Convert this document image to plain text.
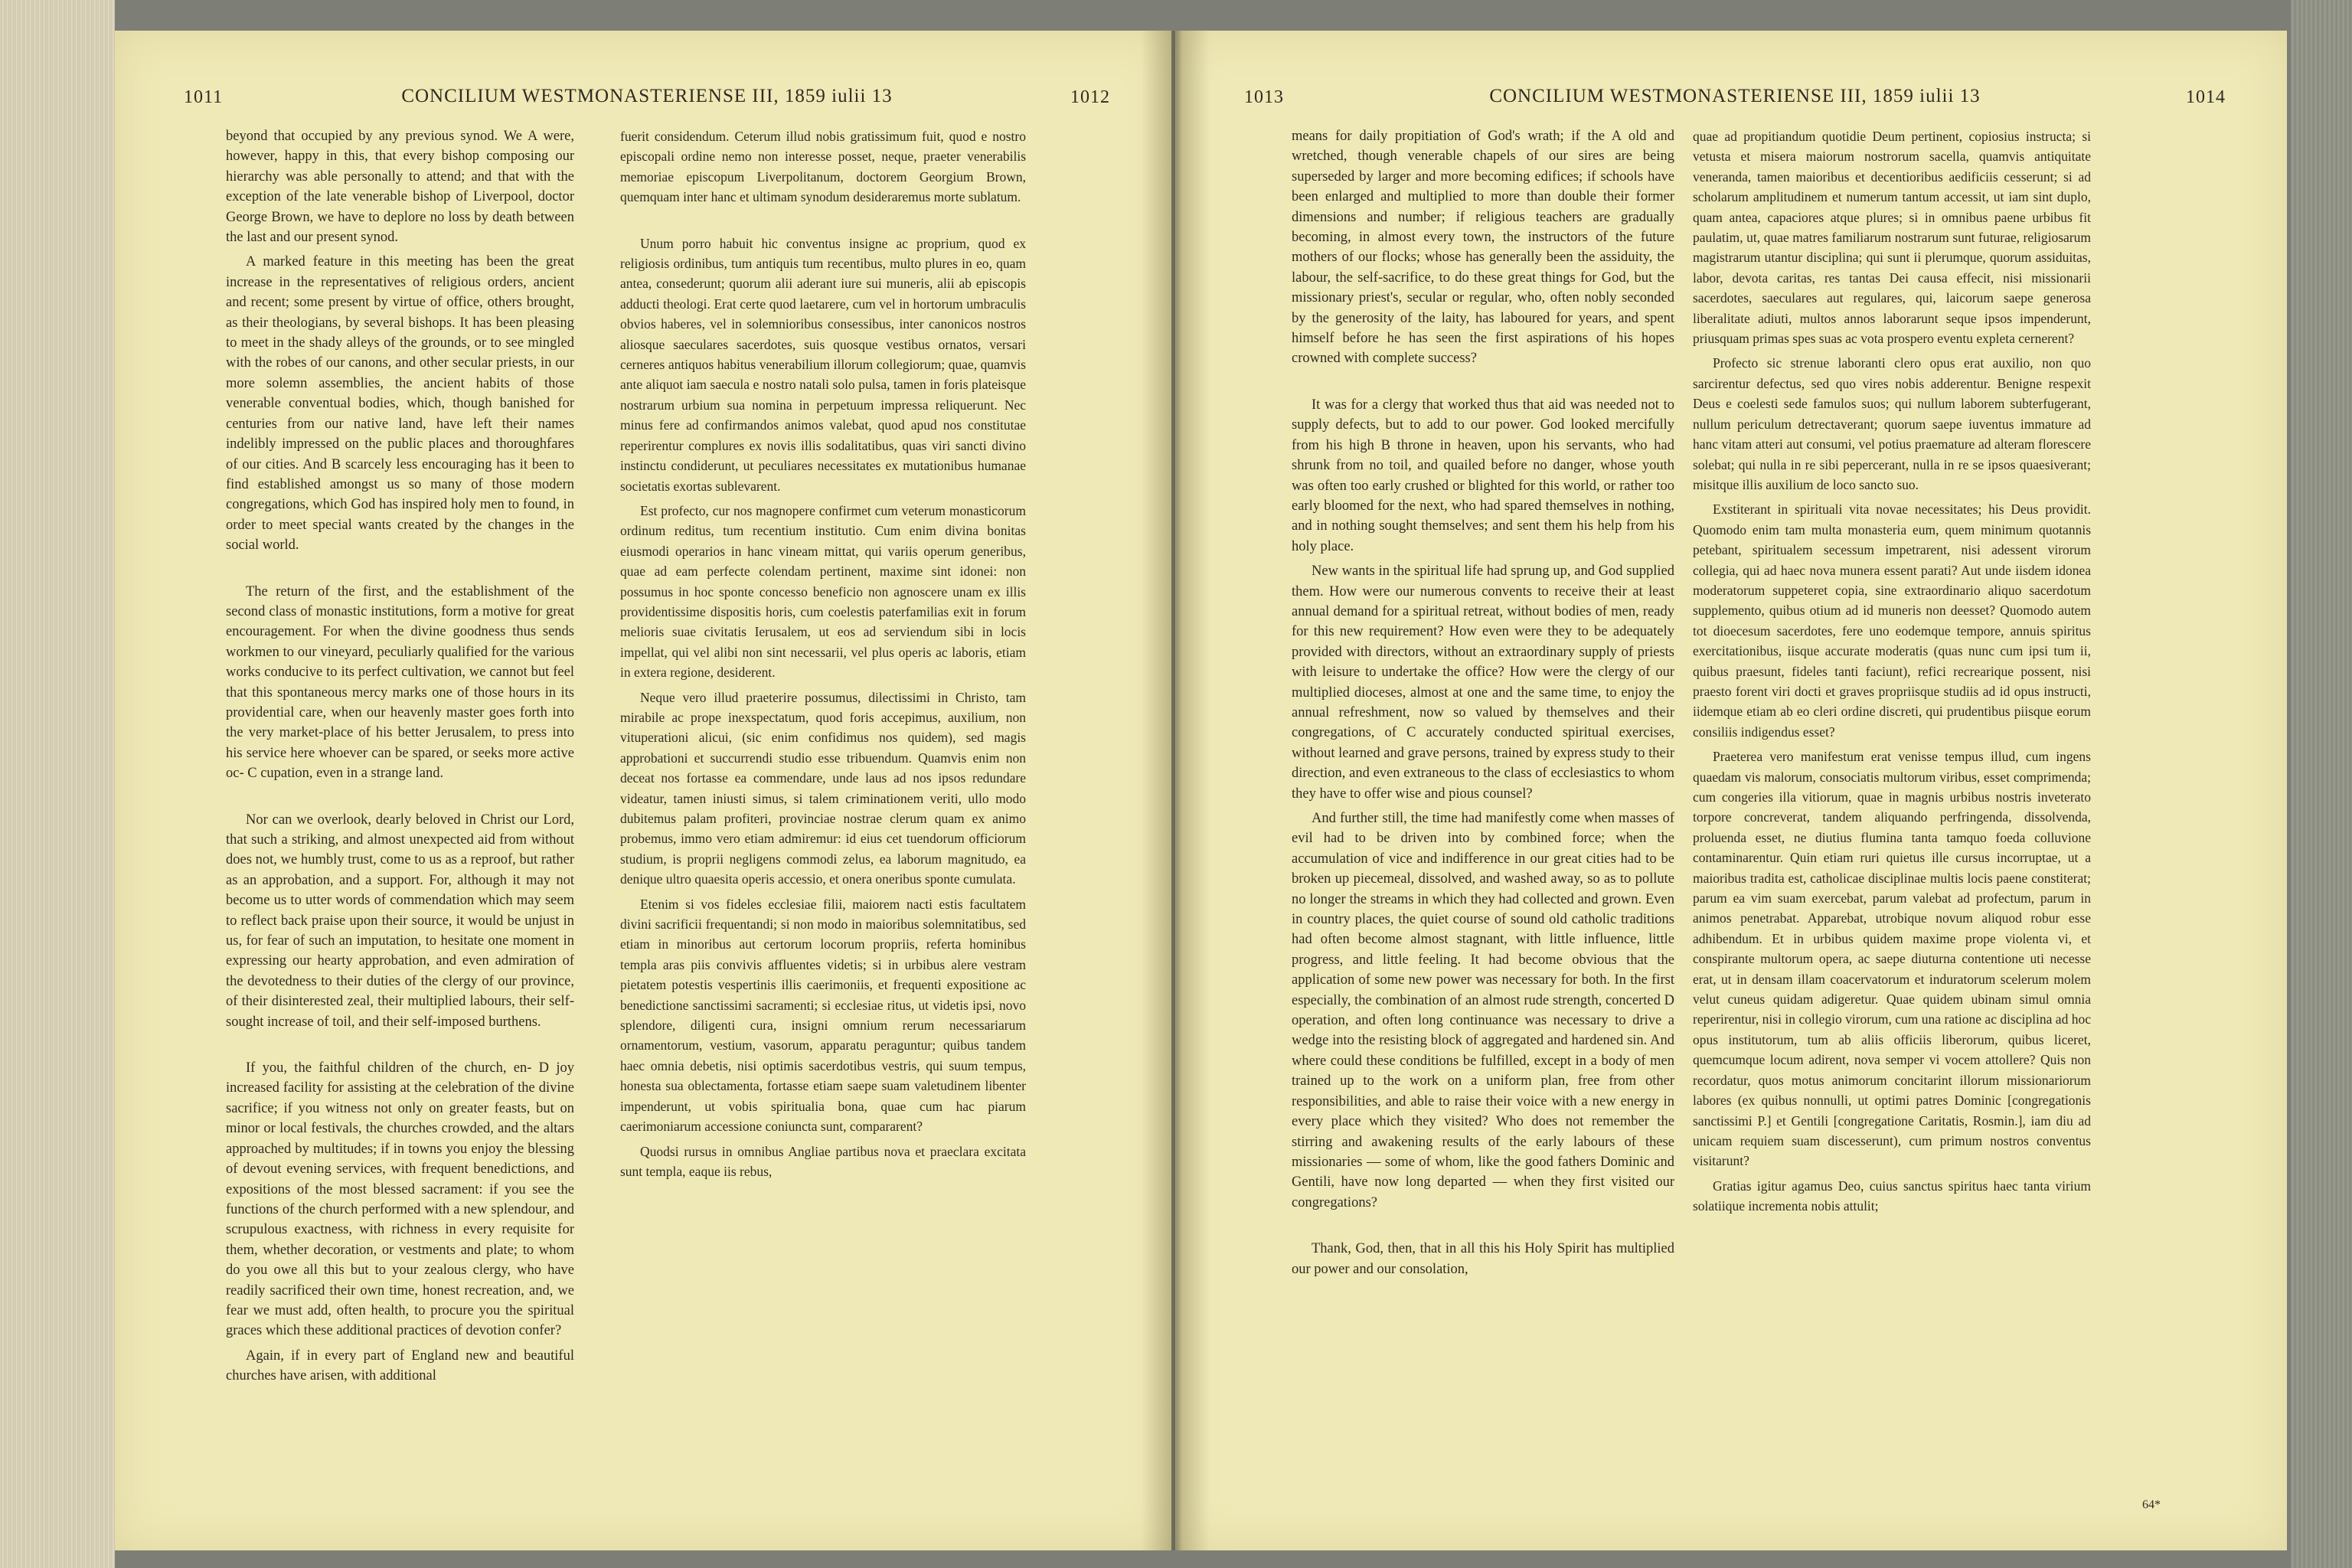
1011	CONCILIUM WESTMONASTERIENSE III, 1859 iulii 13	1012

beyond that occupied by any previous synod. We A were, however, happy in this, that every bishop composing our hierarchy was able personally to attend; and that with the exception of the late venerable bishop of Liverpool, doctor George Brown, we have to deplore no loss by death between the last and our present synod.

A marked feature in this meeting has been the great increase in the representatives of religious orders, ancient and recent; some present by virtue of office, others brought, as their theologians, by several bishops. It has been pleasing to meet in the shady alleys of the grounds, or to see mingled with the robes of our canons, and other secular priests, in our more solemn assemblies, the ancient habits of those venerable conventual bodies, which, though banished for centuries from our native land, have left their names indelibly impressed on the public places and thoroughfares of our cities. And B scarcely less encouraging has it been to find established amongst us so many of those modern congregations, which God has inspired holy men to found, in order to meet special wants created by the changes in the social world.

The return of the first, and the establishment of the second class of monastic institutions, form a motive for great encouragement. For when the divine goodness thus sends workmen to our vineyard, peculiarly qualified for the various works conducive to its perfect cultivation, we cannot but feel that this spontaneous mercy marks one of those hours in its providential care, when our heavenly master goes forth into the very market-place of his better Jerusalem, to press into his service here whoever can be spared, or seeks more active oc- C cupation, even in a strange land.

Nor can we overlook, dearly beloved in Christ our Lord, that such a striking, and almost unexpected aid from without does not, we humbly trust, come to us as a reproof, but rather as an approbation, and a support. For, although it may not become us to utter words of commendation which may seem to reflect back praise upon their source, it would be unjust in us, for fear of such an imputation, to hesitate one moment in expressing our hearty approbation, and even admiration of the devotedness to their duties of the clergy of our province, of their disinterested zeal, their multiplied labours, their self-sought increase of toil, and their self-imposed burthens.

If you, the faithful children of the church, en- D joy increased facility for assisting at the celebration of the divine sacrifice; if you witness not only on greater feasts, but on minor or local festivals, the churches crowded, and the altars approached by multitudes; if in towns you enjoy the blessing of devout evening services, with frequent benedictions, and expositions of the most blessed sacrament: if you see the functions of the church performed with a new splendour, and scrupulous exactness, with richness in every requisite for them, whether decoration, or vestments and plate; to whom do you owe all this but to your zealous clergy, who have readily sacrificed their own time, honest recreation, and, we fear we must add, often health, to procure you the spiritual graces which these additional practices of devotion confer?

Again, if in every part of England new and beautiful churches have arisen, with additional

fuerit considendum. Ceterum illud nobis gratissimum fuit, quod e nostro episcopali ordine nemo non interesse posset, neque, praeter venerabilis memoriae episcopum Liverpolitanum, doctorem Georgium Brown, quemquam inter hanc et ultimam synodum desideraremus morte sublatum.

Unum porro habuit hic conventus insigne ac proprium, quod ex religiosis ordinibus, tum antiquis tum recentibus, multo plures in eo, quam antea, consederunt; quorum alii aderant iure sui muneris, alii ab episcopis adducti theologi. Erat certe quod laetarere, cum vel in hortorum umbraculis obvios haberes, vel in solemnioribus consessibus, inter canonicos nostros aliosque saeculares sacerdotes, suis quosque vestibus ornatos, versari cerneres antiquos habitus venerabilium illorum collegiorum; quae, quamvis ante aliquot iam saecula e nostro natali solo pulsa, tamen in foris plateisque nostrarum urbium sua nomina in perpetuum impressa reliquerunt. Nec minus fere ad confirmandos animos valebat, quod apud nos constitutae reperirentur complures ex novis illis sodalitatibus, quas viri sancti divino instinctu condiderunt, ut peculiares necessitates ex mutationibus humanae societatis exortas sublevarent.

Est profecto, cur nos magnopere confirmet cum veterum monasticorum ordinum reditus, tum recentium institutio. Cum enim divina bonitas eiusmodi operarios in hanc vineam mittat, qui variis operum generibus, quae ad eam perfecte colendam pertinent, maxime sint idonei: non possumus in hoc sponte concesso beneficio non agnoscere unam ex illis providentissime dispositis horis, cum coelestis paterfamilias exit in forum melioris suae civitatis Ierusalem, ut eos ad serviendum sibi in locis impellat, qui vel alibi non sint necessarii, vel plus operis ac laboris, etiam in extera regione, desiderent.

Neque vero illud praeterire possumus, dilectissimi in Christo, tam mirabile ac prope inexspectatum, quod foris accepimus, auxilium, non vituperationi alicui, (sic enim confidimus nos quidem), sed magis approbationi et succurrendi studio esse tribuendum. Quamvis enim non deceat nos fortasse ea commendare, unde laus ad nos ipsos redundare videatur, tamen iniusti simus, si talem criminationem veriti, ullo modo dubitemus palam profiteri, provinciae nostrae clerum quam ex animo probemus, immo vero etiam admiremur: id eius cet tuendorum officiorum studium, is proprii negligens commodi zelus, ea laborum magnitudo, ea denique ultro quaesita operis accessio, et onera oneribus sponte cumulata.

Etenim si vos fideles ecclesiae filii, maiorem nacti estis facultatem divini sacrificii frequentandi; si non modo in maioribus solemnitatibus, sed etiam in minoribus aut certorum locorum propriis, referta hominibus templa aras piis convivis affluentes videtis; si in urbibus alere vestram pietatem potestis vespertinis illis caerimoniis, et frequenti expositione ac benedictione sanctissimi sacramenti; si ecclesiae ritus, ut videtis ipsi, novo splendore, diligenti cura, insigni omnium rerum necessariarum ornamentorum, vestium, vasorum, apparatu peraguntur; quibus tandem haec omnia debetis, nisi optimis sacerdotibus vestris, qui suum tempus, honesta sua oblectamenta, fortasse etiam saepe suam valetudinem libenter impenderunt, ut vobis spiritualia bona, quae cum hac piarum caerimoniarum accessione coniuncta sunt, compararent?

Quodsi rursus in omnibus Angliae partibus nova et praeclara excitata sunt templa, eaque iis rebus,

1013	CONCILIUM WESTMONASTERIENSE III, 1859 iulii 13	1014

means for daily propitiation of God's wrath; if the A old and wretched, though venerable chapels of our sires are being superseded by larger and more becoming edifices; if schools have been enlarged and multiplied to more than double their former dimensions and number; if religious teachers are gradually becoming, in almost every town, the instructors of the future mothers of our flocks; whose has generally been the assiduity, the labour, the self-sacrifice, to do these great things for God, but the missionary priest's, secular or regular, who, often nobly seconded by the generosity of the laity, has laboured for years, and spent himself before he has seen the first aspirations of his hopes crowned with complete success?

It was for a clergy that worked thus that aid was needed not to supply defects, but to add to our power. God looked mercifully from his high B throne in heaven, upon his servants, who had shrunk from no toil, and quailed before no danger, whose youth was often too early crushed or blighted for this world, or rather too early bloomed for the next, who had spared themselves in nothing, and in nothing sought themselves; and sent them his help from his holy place.

New wants in the spiritual life had sprung up, and God supplied them. How were our numerous convents to receive their at least annual demand for a spiritual retreat, without bodies of men, ready for this new requirement? How even were they to be adequately provided with directors, without an extraordinary supply of priests with leisure to undertake the office? How were the clergy of our multiplied dioceses, almost at one and the same time, to enjoy the annual refreshment, now so valued by themselves and their congregations, of C accurately conducted spiritual exercises, without learned and grave persons, trained by express study to their direction, and even extraneous to the class of ecclesiastics to whom they have to offer wise and pious counsel?

And further still, the time had manifestly come when masses of evil had to be driven into by combined force; when the accumulation of vice and indifference in our great cities had to be broken up piecemeal, dissolved, and washed away, so as to pollute no longer the streams in which they had collected and grown. Even in country places, the quiet course of sound old catholic traditions had often become almost stagnant, with little influence, little progress, and little feeling. It had become obvious that the application of some new power was necessary for both. In the first especially, the combination of an almost rude strength, concerted D operation, and often long continuance was necessary to drive a wedge into the resisting block of aggregated and hardened sin. And where could these conditions be fulfilled, except in a body of men trained up to the work on a uniform plan, free from other responsibilities, and able to raise their voice with a new energy in every place which they visited? Who does not remember the stirring and awakening results of the early labours of these missionaries — some of whom, like the good fathers Dominic and Gentili, have now long departed — when they first visited our congregations?

Thank, God, then, that in all this his Holy Spirit has multiplied our power and our consolation,

quae ad propitiandum quotidie Deum pertinent, copiosius instructa; si vetusta et misera maiorum nostrorum sacella, quamvis antiquitate veneranda, tamen maioribus et decentioribus aedificiis cesserunt; si ad scholarum amplitudinem et numerum tantum accessit, ut iam sint duplo, quam antea, capaciores atque plures; si in omnibus paene urbibus fit paulatim, ut, quae matres familiarum nostrarum sunt futurae, religiosarum magistrarum utantur disciplina; qui sunt ii plerumque, quorum assiduitas, labor, devota caritas, res tantas Dei causa effecit, nisi missionarii sacerdotes, saeculares aut regulares, qui, laicorum saepe generosa liberalitate adiuti, multos annos laborarunt seque ipsos impenderunt, priusquam primas spes suas ac vota prospero eventu expleta cernerent?

Profecto sic strenue laboranti clero opus erat auxilio, non quo sarcirentur defectus, sed quo vires nobis adderentur. Benigne respexit Deus e coelesti sede famulos suos; qui nullum laborem subterfugerant, nullum periculum detrectaverant; quorum saepe iuventus immature ad hanc vitam atteri aut consumi, vel potius praemature ad alteram florescere solebat; qui nulla in re sibi pepercerant, nulla in re se ipsos quaesiverant; misitque illis auxilium de loco sancto suo.

Exstiterant in spirituali vita novae necessitates; his Deus providit. Quomodo enim tam multa monasteria eum, quem minimum quotannis petebant, spiritualem secessum impetrarent, nisi adessent virorum collegia, qui ad haec nova munera essent parati? Aut unde iisdem idonea moderatorum suppeteret copia, sine extraordinario aliquo sacerdotum supplemento, quibus otium ad id muneris non deesset? Quomodo autem tot dioecesum sacerdotes, fere uno eodemque tempore, annuis spiritus exercitationibus, iisque accurate moderatis (quas nunc cum ipsi tum ii, quibus praesunt, fideles tanti faciunt), refici recrearique possent, nisi praesto forent viri docti et graves propriisque studiis ad id opus instructi, iidemque etiam ab eo cleri ordine discreti, qui prudentibus piisque eorum consiliis indigendus esset?

Praeterea vero manifestum erat venisse tempus illud, cum ingens quaedam vis malorum, consociatis multorum viribus, esset comprimenda; cum congeries illa vitiorum, quae in magnis urbibus nostris inveterato torpore concreverat, tandem aliquando perfringenda, dissolvenda, proluenda esset, ne diutius flumina tanta tamquo foeda colluvione contaminarentur. Quin etiam ruri quietus ille cursus incorruptae, ut a maioribus tradita est, catholicae disciplinae multis locis paene constiterat; parum ea vim suam exercebat, parum valebat ad profectum, parum in animos penetrabat. Apparebat, utrobique novum aliquod robur esse adhibendum. Et in urbibus quidem maxime prope violenta vi, et conspirante multorum opera, ac saepe diuturna contentione uti necesse erat, ut in densam illam coacervatorum et induratorum scelerum molem velut cuneus quidam adigeretur. Quae quidem ubinam simul omnia reperirentur, nisi in collegio virorum, cum una ratione ac disciplina ad hoc opus institutorum, tum ab aliis officiis liberorum, quibus liceret, quemcumque locum adirent, nova semper vi vocem attollere? Quis non recordatur, quos motus animorum concitarint illorum missionariorum labores (ex quibus nonnulli, ut optimi patres Dominic [congregationis sanctissimi P.] et Gentili [congregatione Caritatis, Rosmin.], iam diu ad unicam requiem suam discesserunt), cum primum nostros conventus visitarunt?

Gratias igitur agamus Deo, cuius sanctus spiritus haec tanta virium solatiique incrementa nobis attulit;

64*
